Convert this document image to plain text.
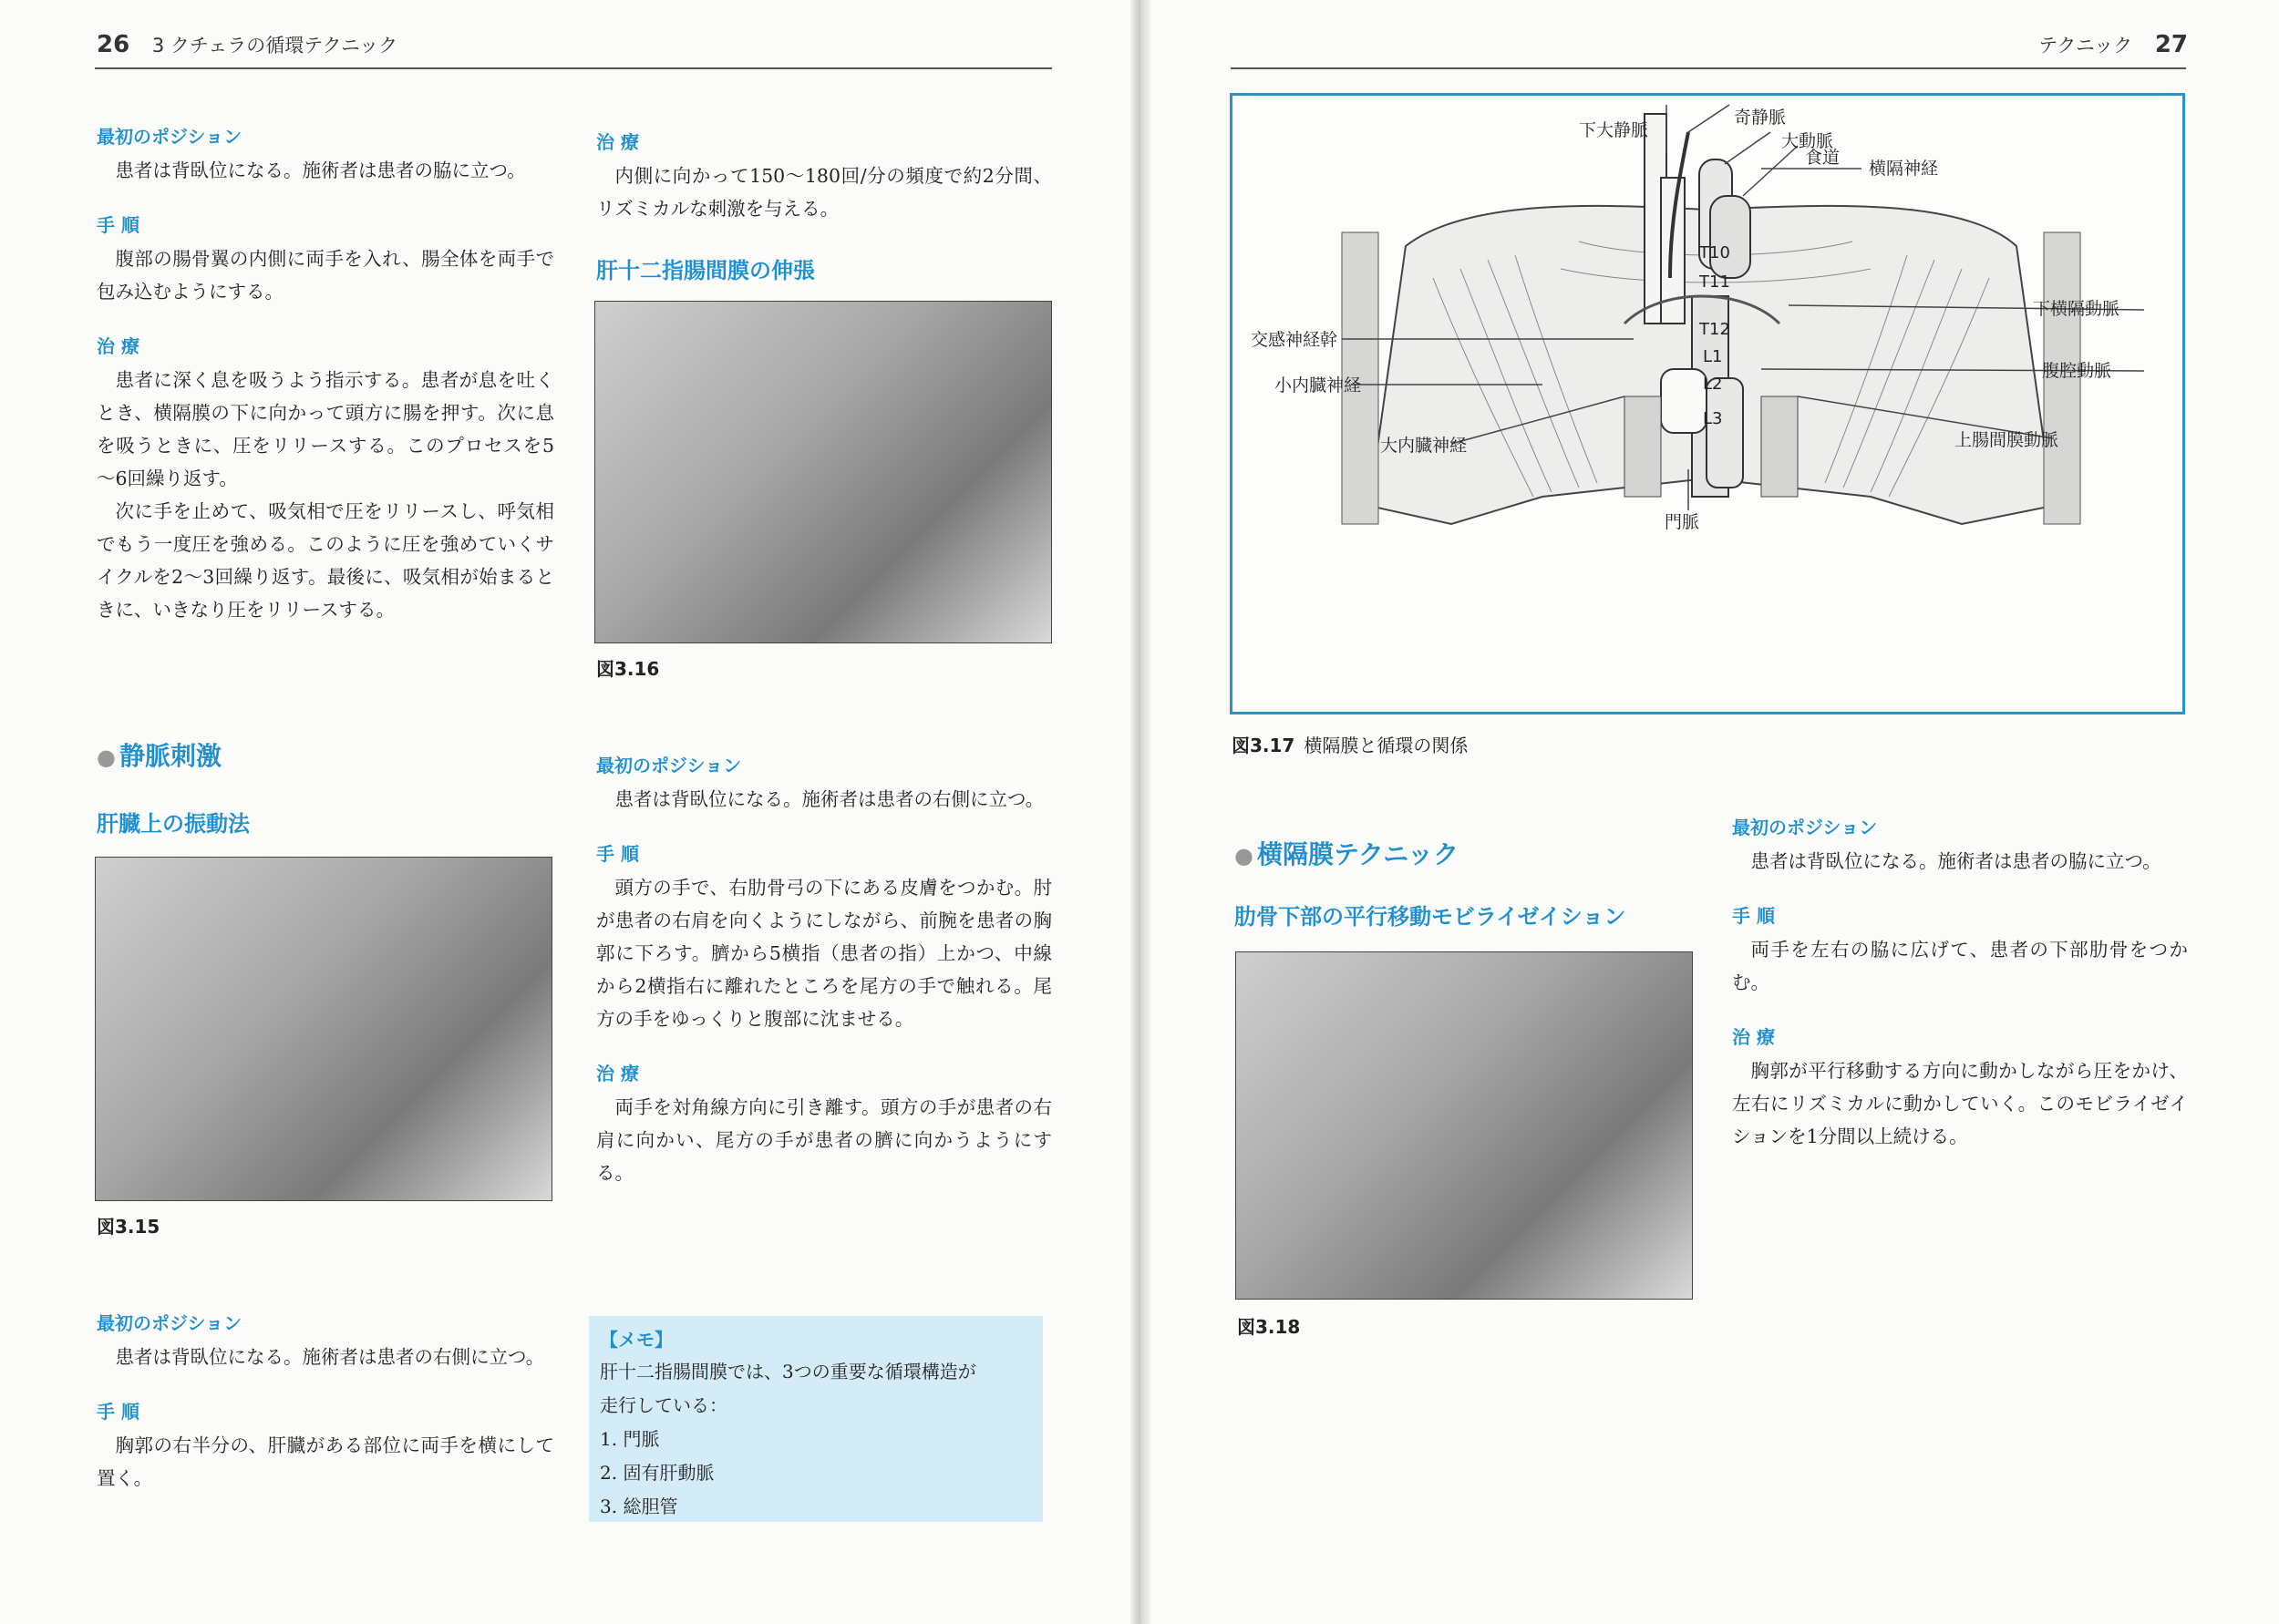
26 3 クチェラの循環テクニック

最初のポジション

患者は背臥位になる。施術者は患者の脇に立つ。

手 順

腹部の腸骨翼の内側に両手を入れ、腸全体を両手で包み込むようにする。

治 療

患者に深く息を吸うよう指示する。患者が息を吐くとき、横隔膜の下に向かって頭方に腸を押す。次に息を吸うときに、圧をリリースする。このプロセスを5～6回繰り返す。

次に手を止めて、吸気相で圧をリリースし、呼気相でもう一度圧を強める。このように圧を強めていくサイクルを2～3回繰り返す。最後に、吸気相が始まるときに、いきなり圧をリリースする。

● 静脈刺激

肝臓上の振動法

図3.15

最初のポジション

患者は背臥位になる。施術者は患者の右側に立つ。

手 順

胸郭の右半分の、肝臓がある部位に両手を横にして置く。

治 療

内側に向かって150～180回/分の頻度で約2分間、リズミカルな刺激を与える。

肝十二指腸間膜の伸張

図3.16

最初のポジション

患者は背臥位になる。施術者は患者の右側に立つ。

手 順

頭方の手で、右肋骨弓の下にある皮膚をつかむ。肘が患者の右肩を向くようにしながら、前腕を患者の胸郭に下ろす。臍から5横指（患者の指）上かつ、中線から2横指右に離れたところを尾方の手で触れる。尾方の手をゆっくりと腹部に沈ませる。

治 療

両手を対角線方向に引き離す。頭方の手が患者の右肩に向かい、尾方の手が患者の臍に向かうようにする。

【メモ】
肝十二指腸間膜では、3つの重要な循環構造が
走行している：
1. 門脈
2. 固有肝動脈
3. 総胆管
テクニック 27
奇静脈
下大静脈
大動脈
食道
横隔神経
下横隔動脈
交感神経幹
腹腔動脈
小内臓神経
大内臓神経	上腸間膜動脈
門脈
T10
T11
T12
L1
L2
L3
図3.17 横隔膜と循環の関係

● 横隔膜テクニック

肋骨下部の平行移動モビライゼイション

図3.18

最初のポジション

患者は背臥位になる。施術者は患者の脇に立つ。

手 順

両手を左右の脇に広げて、患者の下部肋骨をつかむ。

治 療

胸郭が平行移動する方向に動かしながら圧をかけ、左右にリズミカルに動かしていく。このモビライゼイションを1分間以上続ける。
